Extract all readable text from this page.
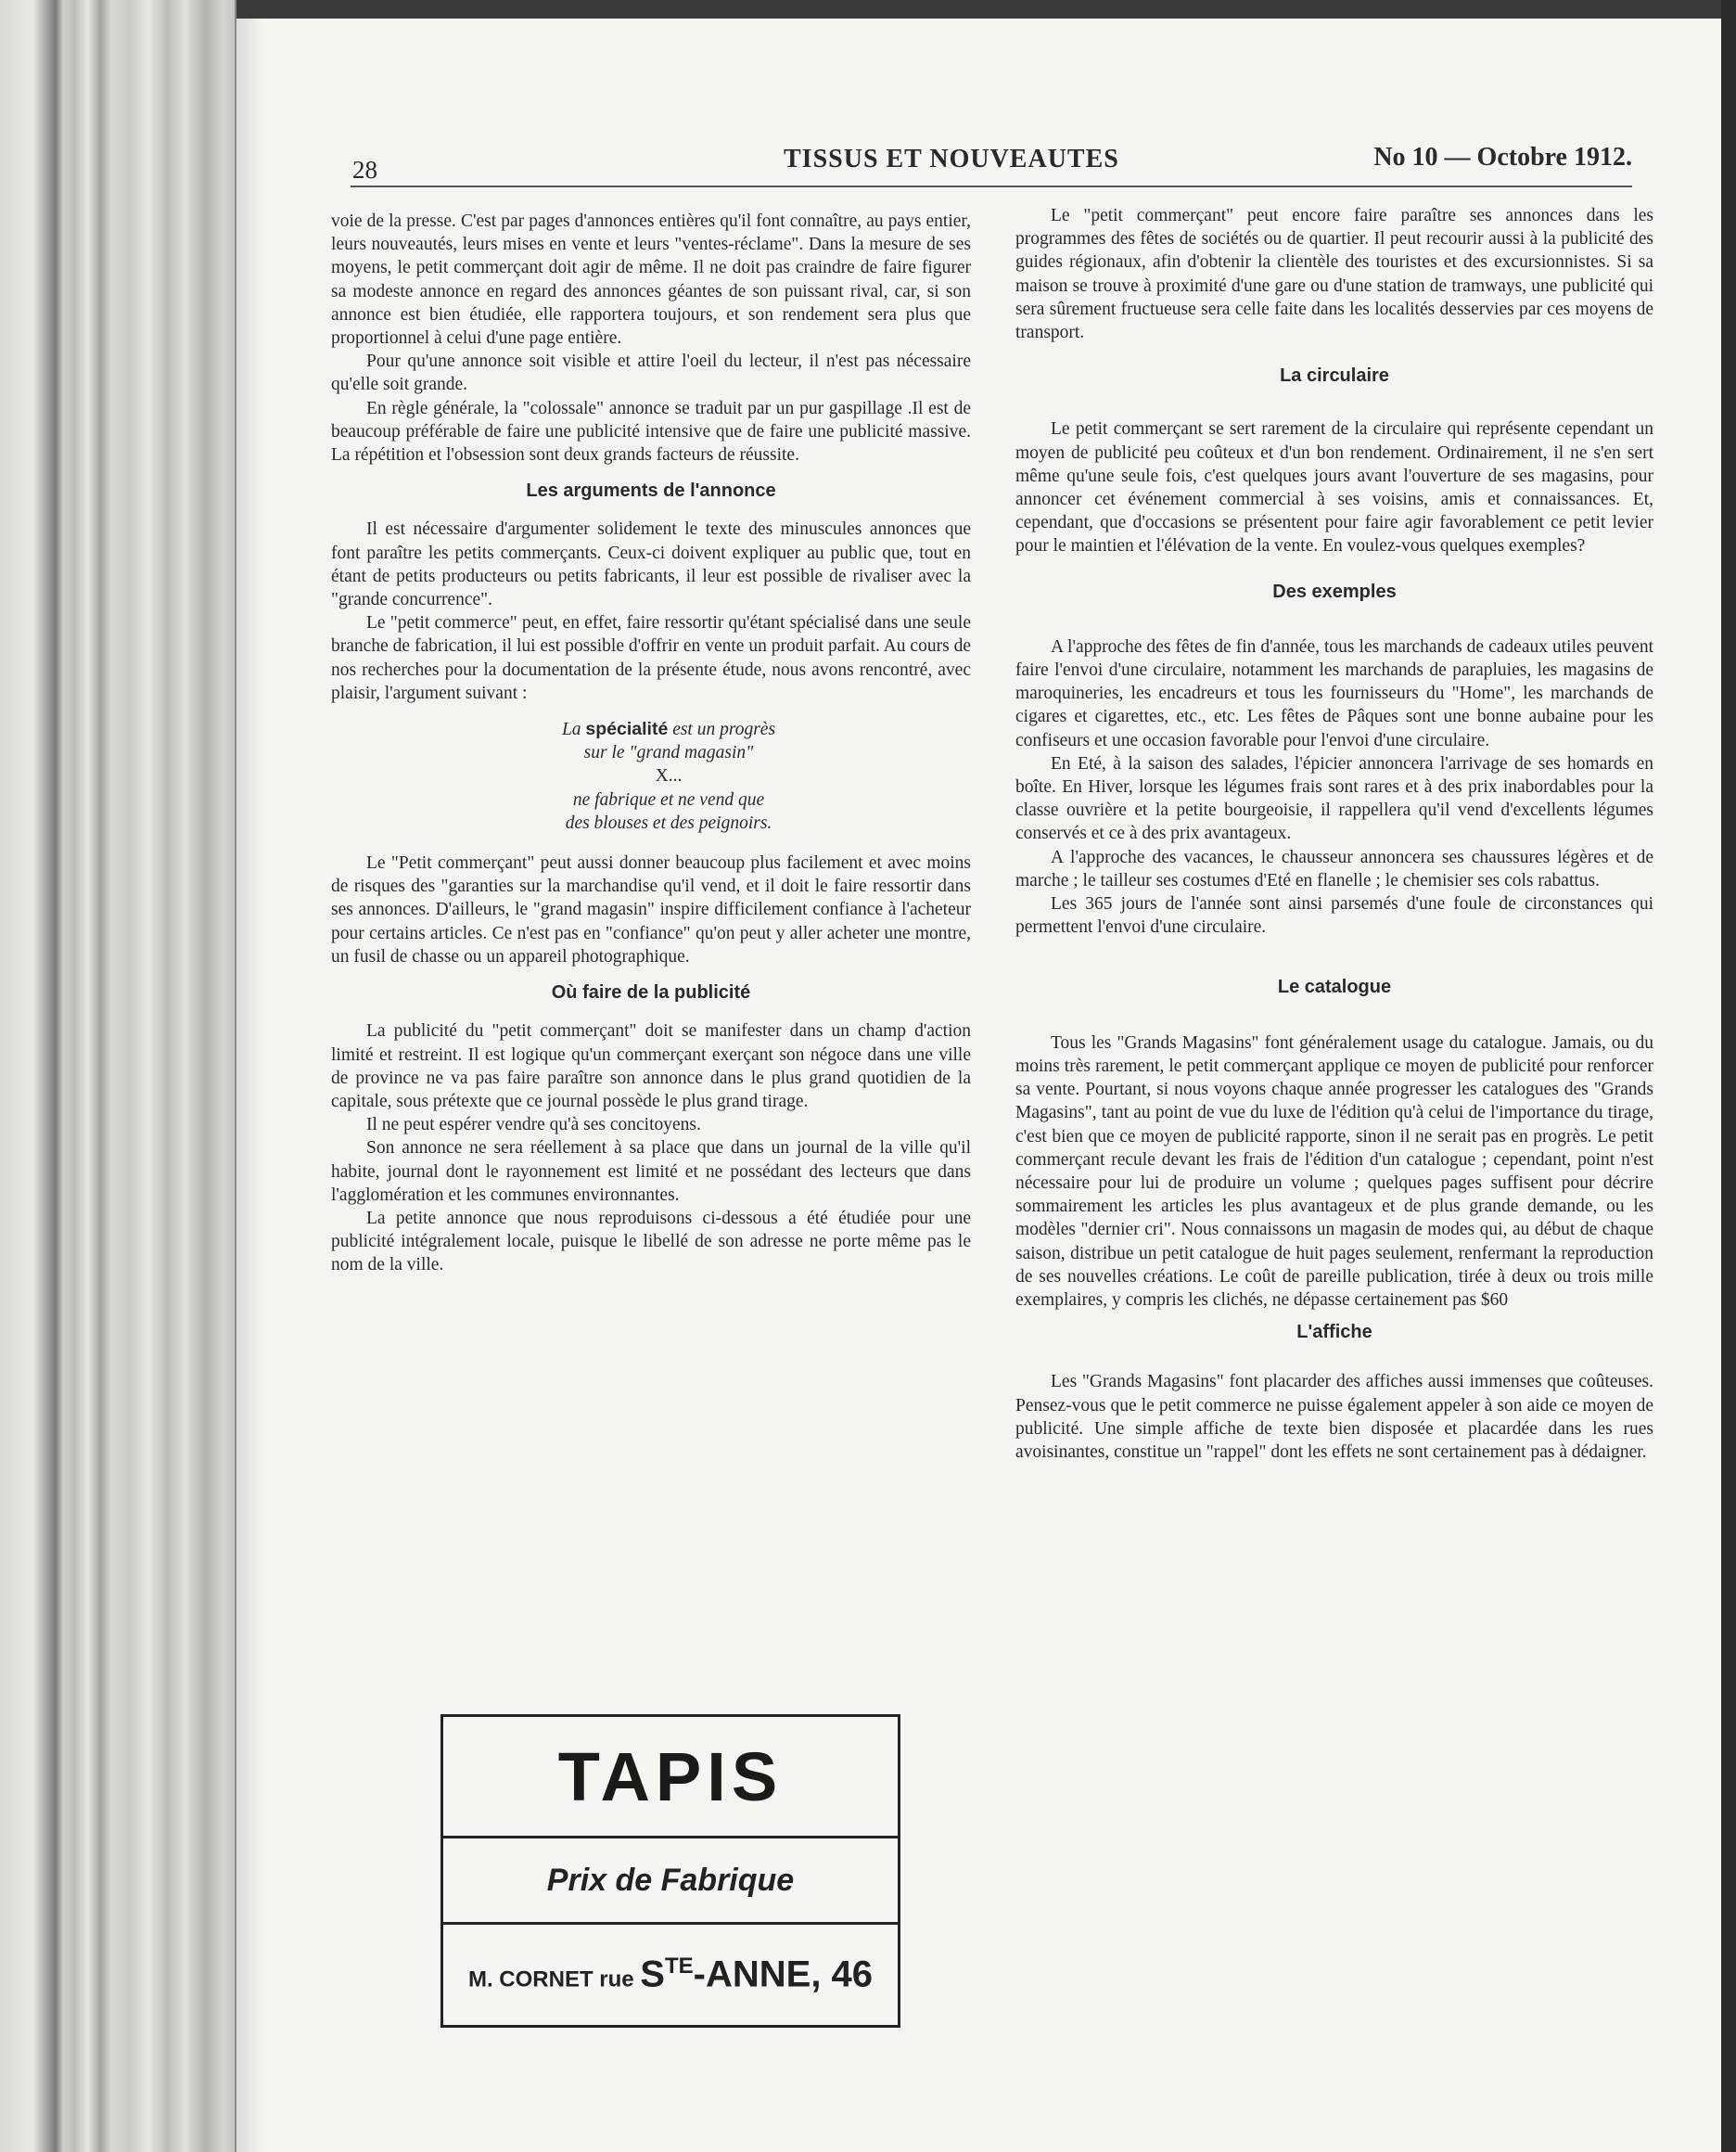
28	TISSUS ET NOUVEAUTES	No 10 — Octobre 1912.

voie de la presse. C'est par pages d'annonces entières qu'il font connaître, au pays entier, leurs nouveautés, leurs mises en vente et leurs "ventes-réclame". Dans la mesure de ses moyens, le petit commerçant doit agir de même. Il ne doit pas craindre de faire figurer sa modeste annonce en regard des annonces géantes de son puissant rival, car, si son annonce est bien étudiée, elle rapportera toujours, et son rendement sera plus que proportionnel à celui d'une page entière.

Pour qu'une annonce soit visible et attire l'oeil du lecteur, il n'est pas nécessaire qu'elle soit grande.

En règle générale, la "colossale" annonce se traduit par un pur gaspillage .Il est de beaucoup préférable de faire une publicité intensive que de faire une publicité massive. La répétition et l'obsession sont deux grands facteurs de réussite.

Les arguments de l'annonce

Il est nécessaire d'argumenter solidement le texte des minuscules annonces que font paraître les petits commerçants. Ceux-ci doivent expliquer au public que, tout en étant de petits producteurs ou petits fabricants, il leur est possible de rivaliser avec la "grande concurrence".

Le "petit commerce" peut, en effet, faire ressortir qu'étant spécialisé dans une seule branche de fabrication, il lui est possible d'offrir en vente un produit parfait. Au cours de nos recherches pour la documentation de la présente étude, nous avons rencontré, avec plaisir, l'argument suivant :

La spécialité est un progrès

sur le "grand magasin"

X...

ne fabrique et ne vend que

des blouses et des peignoirs.

Le "Petit commerçant" peut aussi donner beaucoup plus facilement et avec moins de risques des "garanties sur la marchandise qu'il vend, et il doit le faire ressortir dans ses annonces. D'ailleurs, le "grand magasin" inspire difficilement confiance à l'acheteur pour certains articles. Ce n'est pas en "confiance" qu'on peut y aller acheter une montre, un fusil de chasse ou un appareil photographique.

Où faire de la publicité

La publicité du "petit commerçant" doit se manifester dans un champ d'action limité et restreint. Il est logique qu'un commerçant exerçant son négoce dans une ville de province ne va pas faire paraître son annonce dans le plus grand quotidien de la capitale, sous prétexte que ce journal possède le plus grand tirage.

Il ne peut espérer vendre qu'à ses concitoyens.

Son annonce ne sera réellement à sa place que dans un journal de la ville qu'il habite, journal dont le rayonnement est limité et ne possédant des lecteurs que dans l'agglomération et les communes environnantes.

La petite annonce que nous reproduisons ci-dessous a été étudiée pour une publicité intégralement locale, puisque le libellé de son adresse ne porte même pas le nom de la ville.

TAPIS
Prix de Fabrique
M. CORNET rue $S^{TE}$-ANNE, 46

Le "petit commerçant" peut encore faire paraître ses annonces dans les programmes des fêtes de sociétés ou de quartier. Il peut recourir aussi à la publicité des guides régionaux, afin d'obtenir la clientèle des touristes et des excursionnistes. Si sa maison se trouve à proximité d'une gare ou d'une station de tramways, une publicité qui sera sûrement fructueuse sera celle faite dans les localités desservies par ces moyens de transport.

La circulaire

Le petit commerçant se sert rarement de la circulaire qui représente cependant un moyen de publicité peu coûteux et d'un bon rendement. Ordinairement, il ne s'en sert même qu'une seule fois, c'est quelques jours avant l'ouverture de ses magasins, pour annoncer cet événement commercial à ses voisins, amis et connaissances. Et, cependant, que d'occasions se présentent pour faire agir favorablement ce petit levier pour le maintien et l'élévation de la vente. En voulez-vous quelques exemples?

Des exemples

A l'approche des fêtes de fin d'année, tous les marchands de cadeaux utiles peuvent faire l'envoi d'une circulaire, notamment les marchands de parapluies, les magasins de maroquineries, les encadreurs et tous les fournisseurs du "Home", les marchands de cigares et cigarettes, etc., etc. Les fêtes de Pâques sont une bonne aubaine pour les confiseurs et une occasion favorable pour l'envoi d'une circulaire.

En Eté, à la saison des salades, l'épicier annoncera l'arrivage de ses homards en boîte. En Hiver, lorsque les légumes frais sont rares et à des prix inabordables pour la classe ouvrière et la petite bourgeoisie, il rappellera qu'il vend d'excellents légumes conservés et ce à des prix avantageux.

A l'approche des vacances, le chausseur annoncera ses chaussures légères et de marche ; le tailleur ses costumes d'Eté en flanelle ; le chemisier ses cols rabattus.

Les 365 jours de l'année sont ainsi parsemés d'une foule de circonstances qui permettent l'envoi d'une circulaire.

Le catalogue

Tous les "Grands Magasins" font généralement usage du catalogue. Jamais, ou du moins très rarement, le petit commerçant applique ce moyen de publicité pour renforcer sa vente. Pourtant, si nous voyons chaque année progresser les catalogues des "Grands Magasins", tant au point de vue du luxe de l'édition qu'à celui de l'importance du tirage, c'est bien que ce moyen de publicité rapporte, sinon il ne serait pas en progrès. Le petit commerçant recule devant les frais de l'édition d'un catalogue ; cependant, point n'est nécessaire pour lui de produire un volume ; quelques pages suffisent pour décrire sommairement les articles les plus avantageux et de plus grande demande, ou les modèles "dernier cri". Nous connaissons un magasin de modes qui, au début de chaque saison, distribue un petit catalogue de huit pages seulement, renfermant la reproduction de ses nouvelles créations. Le coût de pareille publication, tirée à deux ou trois mille exemplaires, y compris les clichés, ne dépasse certainement pas $60

L'affiche

Les "Grands Magasins" font placarder des affiches aussi immenses que coûteuses. Pensez-vous que le petit commerce ne puisse également appeler à son aide ce moyen de publicité. Une simple affiche de texte bien disposée et placardée dans les rues avoisinantes, constitue un "rappel" dont les effets ne sont certainement pas à dédaigner.
